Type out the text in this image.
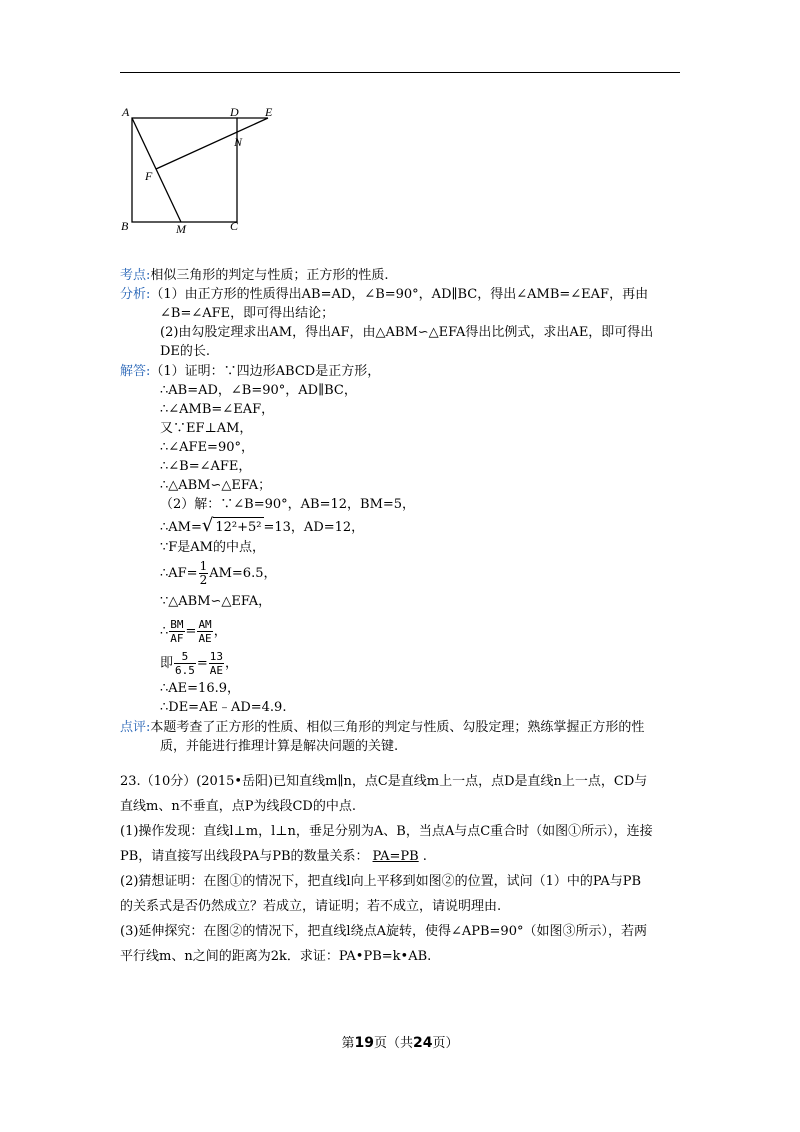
A	D E
N
F
B	M	C
考点:相似三角形的判定与性质；正方形的性质.
分析:（1）由正方形的性质得出AB=AD，∠B=90°，AD∥BC，得出∠AMB=∠EAF，再由
∠B=∠AFE，即可得出结论；
(2)由勾股定理求出AM，得出AF，由△ABM∽△EFA得出比例式，求出AE，即可得出
DE的长.
解答:（1）证明：∵四边形ABCD是正方形，
∴AB=AD，∠B=90°，AD∥BC，
∴∠AMB=∠EAF，
又∵EF⊥AM，
∴∠AFE=90°，
∴∠B=∠AFE，
∴△ABM∽△EFA；
（2）解：∵∠B=90°，AB=12，BM=5，
∴AM=√ 12²+5² =13，AD=12，
∵F是AM的中点，
∴AF= $\frac{1}{2} AM=6.5$，
∵△ABM∽△EFA，
∴ $\frac{BM}{AF} = \frac{AM}{AE}$ ，
即 $\frac{5}{6.5} = \frac{13}{AE}$ ，
∴AE=16.9，
∴DE=AE﹣AD=4.9.
点评:本题考查了正方形的性质、相似三角形的判定与性质、勾股定理；熟练掌握正方形的性
质，并能进行推理计算是解决问题的关键.
23.（10分）(2015•岳阳)已知直线m∥n，点C是直线m上一点，点D是直线n上一点，CD与
直线m、n不垂直，点P为线段CD的中点.
(1)操作发现：直线l⊥m，l⊥n，垂足分别为A、B，当点A与点C重合时（如图①所示），连接
PB，请直接写出线段PA与PB的数量关系： PA=PB .
(2)猜想证明：在图①的情况下，把直线l向上平移到如图②的位置，试问（1）中的PA与PB
的关系式是否仍然成立？若成立，请证明；若不成立，请说明理由.
(3)延伸探究：在图②的情况下，把直线l绕点A旋转，使得∠APB=90°（如图③所示），若两
平行线m、n之间的距离为2k．求证：PA•PB=k•AB.
第19页（共24页）
